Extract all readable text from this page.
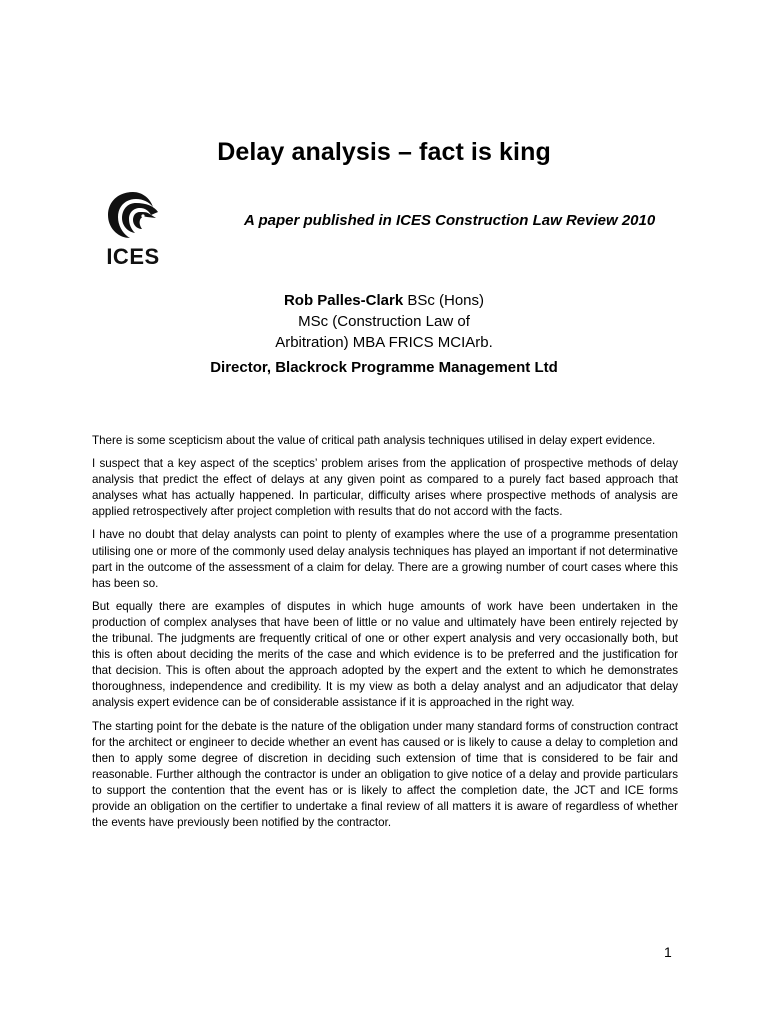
Delay analysis – fact is king
ICES
A paper published in ICES Construction Law Review 2010
Rob Palles-Clark BSc (Hons)
MSc (Construction Law of
Arbitration) MBA FRICS MCIArb.
Director, Blackrock Programme Management Ltd

There is some scepticism about the value of critical path analysis techniques utilised in delay expert evidence.

I suspect that a key aspect of the sceptics’ problem arises from the application of prospective methods of delay analysis that predict the effect of delays at any given point as compared to a purely fact based approach that analyses what has actually happened. In particular, difficulty arises where prospective methods of analysis are applied retrospectively after project completion with results that do not accord with the facts.

I have no doubt that delay analysts can point to plenty of examples where the use of a programme presentation utilising one or more of the commonly used delay analysis techniques has played an important if not determinative part in the outcome of the assessment of a claim for delay. There are a growing number of court cases where this has been so.

But equally there are examples of disputes in which huge amounts of work have been undertaken in the production of complex analyses that have been of little or no value and ultimately have been entirely rejected by the tribunal. The judgments are frequently critical of one or other expert analysis and very occasionally both, but this is often about deciding the merits of the case and which evidence is to be preferred and the justification for that decision. This is often about the approach adopted by the expert and the extent to which he demonstrates thoroughness, independence and credibility. It is my view as both a delay analyst and an adjudicator that delay analysis expert evidence can be of considerable assistance if it is approached in the right way.

The starting point for the debate is the nature of the obligation under many standard forms of construction contract for the architect or engineer to decide whether an event has caused or is likely to cause a delay to completion and then to apply some degree of discretion in deciding such extension of time that is considered to be fair and reasonable. Further although the contractor is under an obligation to give notice of a delay and provide particulars to support the contention that the event has or is likely to affect the completion date, the JCT and ICE forms provide an obligation on the certifier to undertake a final review of all matters it is aware of regardless of whether the events have previously been notified by the contractor.

1
